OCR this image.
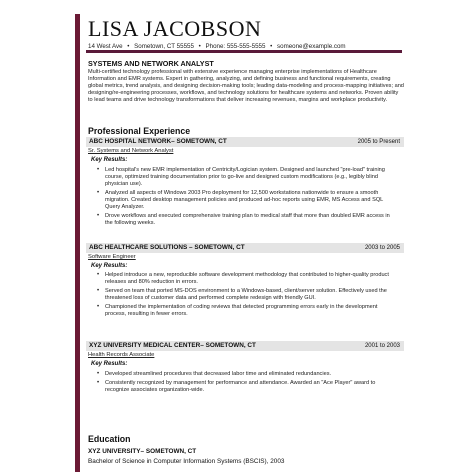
LISA JACOBSON
14 West Ave • Sometown, CT 55555 • Phone: 555-555-5555 • someone@example.com
SYSTEMS AND NETWORK ANALYST
Multi-certified technology professional with extensive experience managing enterprise implementations of Healthcare Information and EMR systems. Expert in gathering, analyzing, and defining business and functional requirements, creating global metrics, trend analysis, and designing decision-making tools; leading data-modeling and process-mapping initiatives; and designing/re-engineering processes, workflows, and technology solutions for healthcare systems and networks. Proven ability to lead teams and drive technology transformations that deliver increasing revenues, margins and workplace productivity.
Professional Experience
ABC HOSPITAL NETWORK– SOMETOWN, CT	2005 to Present
Sr. Systems and Network Analyst
Key Results:
• Led hospital's new EMR implementation of Centricity/Logician system. Designed and launched "pre-load" training course, optimized training documentation prior to go-live and designed custom modifications (e.g., legibly blind physician use).
• Analyzed all aspects of Windows 2003 Pro deployment for 12,500 workstations nationwide to ensure a smooth migration. Created desktop management policies and produced ad-hoc reports using EMR, MS Access and SQL Query Analyzer.
• Drove workflows and executed comprehensive training plan to medical staff that more than doubled EMR access in the following weeks.
ABC HEALTHCARE SOLUTIONS – SOMETOWN, CT	2003 to 2005
Software Engineer
Key Results:
• Helped introduce a new, reproducible software development methodology that contributed to higher-quality product releases and 80% reduction in errors.
• Served on team that ported MS-DOS environment to a Windows-based, client/server solution. Effectively used the threatened loss of customer data and performed complete redesign with friendly GUI.
• Championed the implementation of coding reviews that detected programming errors early in the development process, resulting in fewer errors.
XYZ UNIVERSITY MEDICAL CENTER– SOMETOWN, CT	2001 to 2003
Health Records Associate
Key Results:
• Developed streamlined procedures that decreased labor time and eliminated redundancies.
• Consistently recognized by management for performance and attendance. Awarded an "Ace Player" award to recognize associates organization-wide.
Education
XYZ UNIVERSITY– SOMETOWN, CT
Bachelor of Science in Computer Information Systems (BSCIS), 2003
